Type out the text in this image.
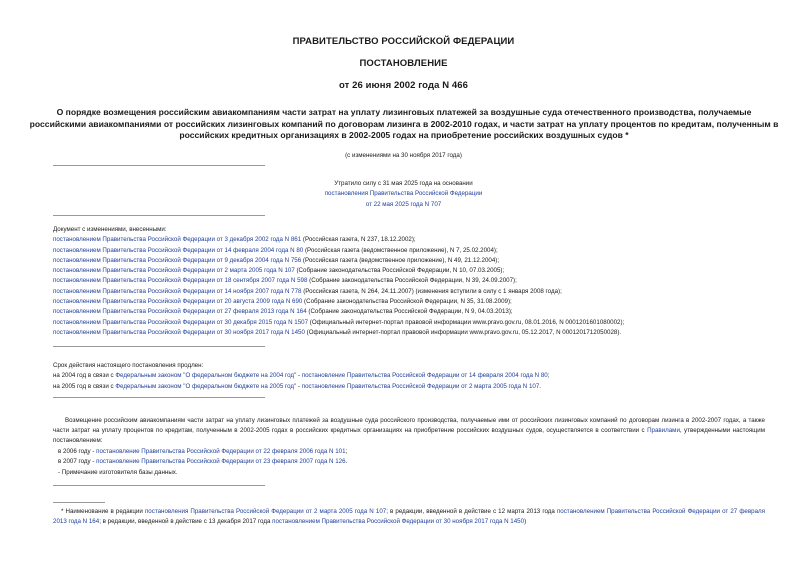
ПРАВИТЕЛЬСТВО РОССИЙСКОЙ ФЕДЕРАЦИИ
ПОСТАНОВЛЕНИЕ
от 26 июня 2002 года N 466
О порядке возмещения российским авиакомпаниям части затрат на уплату лизинговых платежей за воздушные суда отечественного производства, получаемые российскими авиакомпаниями от российских лизинговых компаний по договорам лизинга в 2002-2010 годах, и части затрат на уплату процентов по кредитам, полученным в российских кредитных организациях в 2002-2005 годах на приобретение российских воздушных судов *
(с изменениями на 30 ноября 2017 года)
Утратило силу с 31 мая 2025 года на основании
постановления Правительства Российской Федерации
от 22 мая 2025 года N 707
Документ с изменениями, внесенными:
постановлением Правительства Российской Федерации от 3 декабря 2002 года N 861 (Российская газета, N 237, 18.12.2002);
постановлением Правительства Российской Федерации от 14 февраля 2004 года N 80 (Российская газета (ведомственное приложение), N 7, 25.02.2004);
постановлением Правительства Российской Федерации от 9 декабря 2004 года N 756 (Российская газета (ведомственное приложение), N 49, 21.12.2004);
постановлением Правительства Российской Федерации от 2 марта 2005 года N 107 (Собрание законодательства Российской Федерации, N 10, 07.03.2005);
постановлением Правительства Российской Федерации от 18 сентября 2007 года N 598 (Собрание законодательства Российской Федерации, N 39, 24.09.2007);
постановлением Правительства Российской Федерации от 14 ноября 2007 года N 778 (Российская газета, N 264, 24.11.2007) (изменения вступили в силу с 1 января 2008 года);
постановлением Правительства Российской Федерации от 20 августа 2009 года N 690 (Собрание законодательства Российской Федерации, N 35, 31.08.2009);
постановлением Правительства Российской Федерации от 27 февраля 2013 года N 164 (Собрание законодательства Российской Федерации, N 9, 04.03.2013);
постановлением Правительства Российской Федерации от 30 декабря 2015 года N 1507 (Официальный интернет-портал правовой информации www.pravo.gov.ru, 08.01.2016, N 0001201601080002);
постановлением Правительства Российской Федерации от 30 ноября 2017 года N 1450 (Официальный интернет-портал правовой информации www.pravo.gov.ru, 05.12.2017, N 0001201712050028).
Срок действия настоящего постановления продлен:
на 2004 год в связи с Федеральным законом "О федеральном бюджете на 2004 год" - постановление Правительства Российской Федерации от 14 февраля 2004 года N 80;
на 2005 год в связи с Федеральным законом "О федеральном бюджете на 2005 год" - постановление Правительства Российской Федерации от 2 марта 2005 года N 107.
Возмещение российским авиакомпаниям части затрат на уплату лизинговых платежей за воздушные суда российского производства, получаемые ими от российских лизинговых компаний по договорам лизинга в 2002-2007 годах, а также части затрат на уплату процентов по кредитам, полученным в 2002-2005 годах в российских кредитных организациях на приобретение российских воздушных судов, осуществляется в соответствии с Правилами, утвержденными настоящим постановлением:
в 2006 году - постановление Правительства Российской Федерации от 22 февраля 2006 года N 101;
в 2007 году - постановление Правительства Российской Федерации от 23 февраля 2007 года N 126.
- Примечание изготовителя базы данных.
* Наименование в редакции постановления Правительства Российской Федерации от 2 марта 2005 года N 107; в редакции, введенной в действие с 12 марта 2013 года постановлением Правительства Российской Федерации от 27 февраля 2013 года N 164; в редакции, введенной в действие с 13 декабря 2017 года постановлением Правительства Российской Федерации от 30 ноября 2017 года N 1450)
